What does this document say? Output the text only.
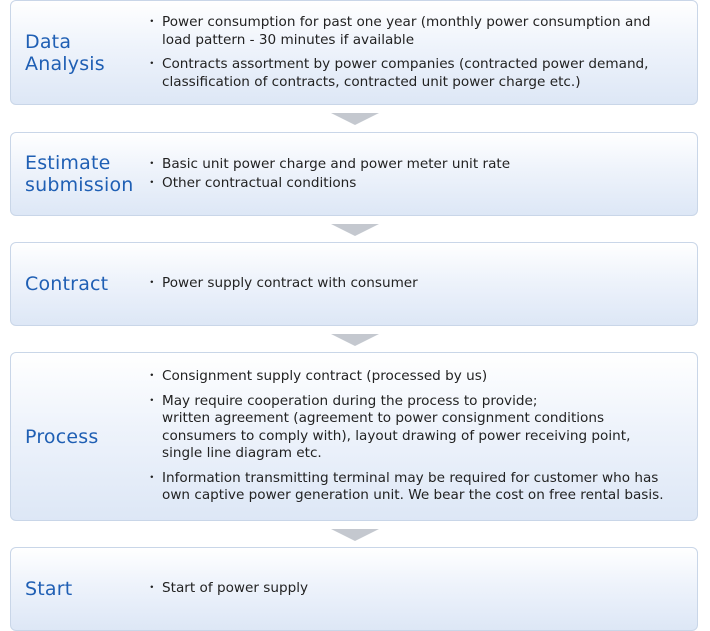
Data
Analysis
・ Power consumption for past one year (monthly power consumption and
load pattern - 30 minutes if available
・ Contracts assortment by power companies (contracted power demand,
classification of contracts, contracted unit power charge etc.)
Estimate
submission
・ Basic unit power charge and power meter unit rate
・ Other contractual conditions
Contract	・ Power supply contract with consumer
Process
・ Consignment supply contract (processed by us)
・ May require cooperation during the process to provide;
written agreement (agreement to power consignment conditions
consumers to comply with), layout drawing of power receiving point,
single line diagram etc.
・ Information transmitting terminal may be required for customer who has
own captive power generation unit. We bear the cost on free rental basis.
Start	・ Start of power supply
